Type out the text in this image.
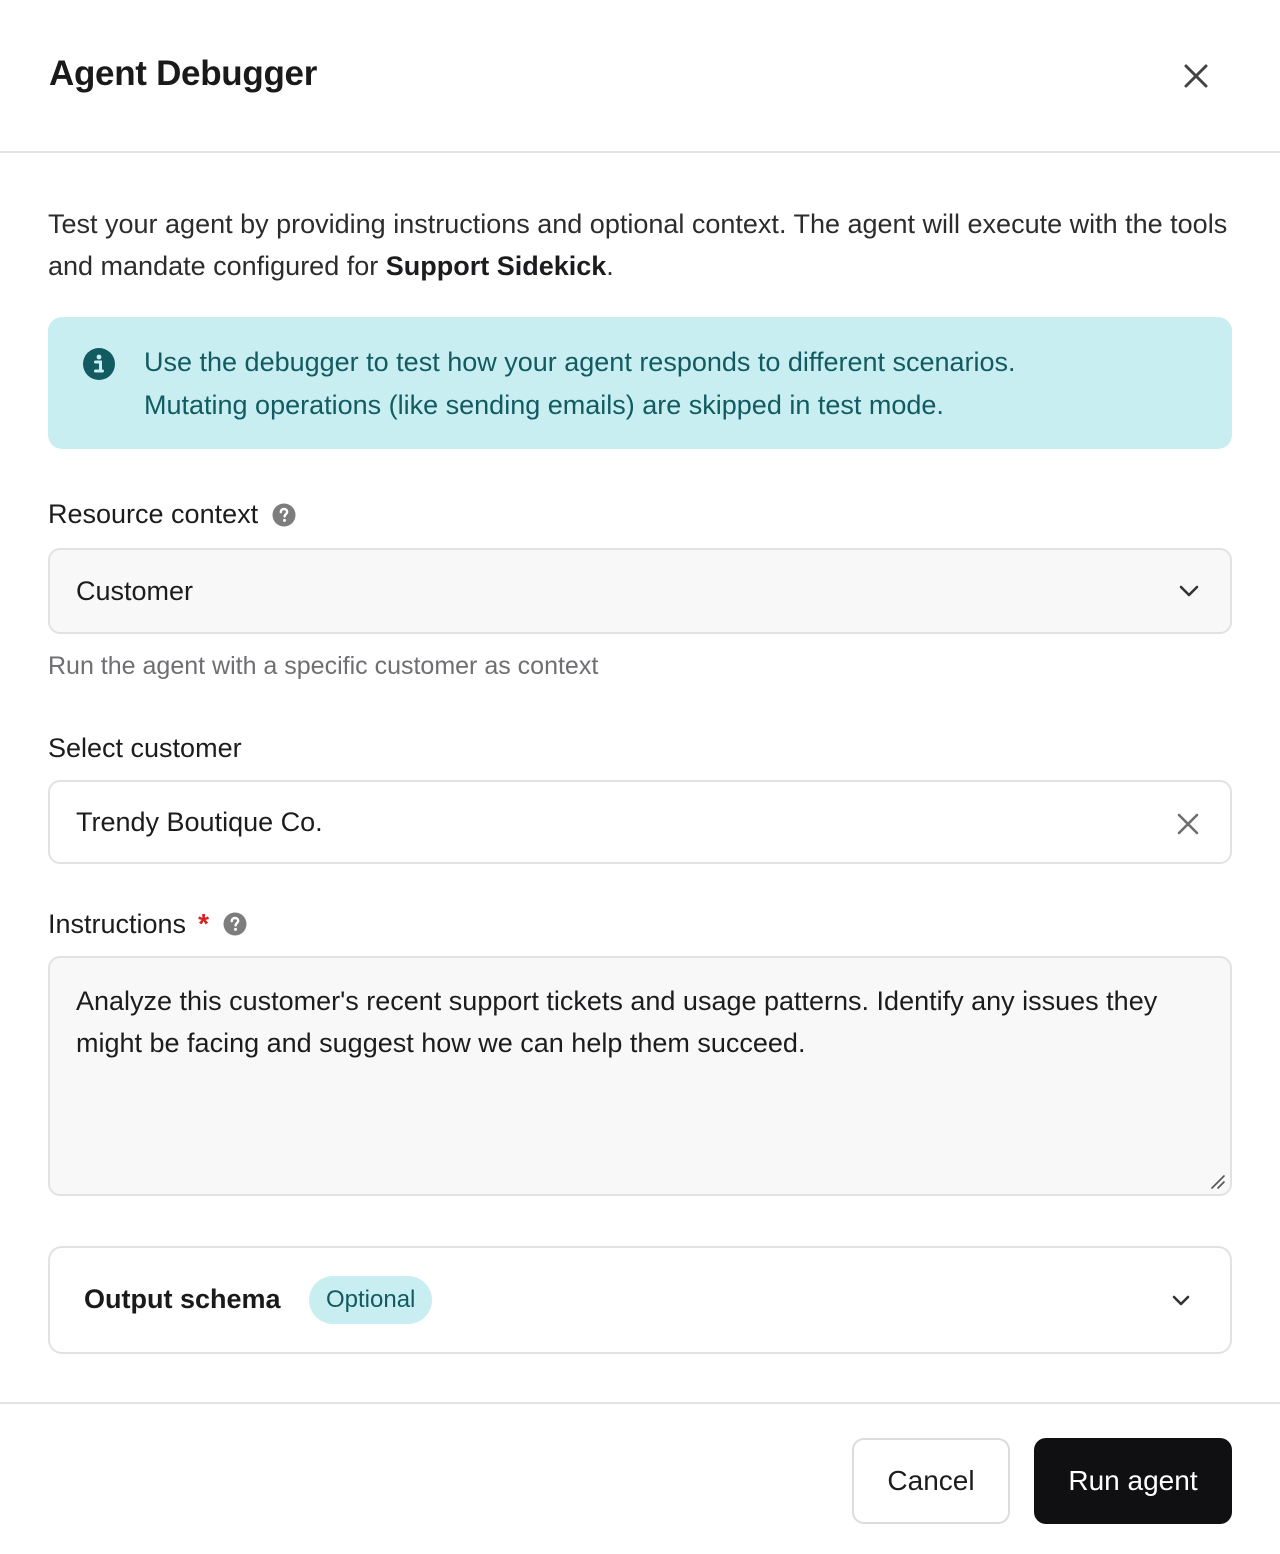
Agent Debugger

Test your agent by providing instructions and optional context. The agent will execute with the tools and mandate configured for Support Sidekick.

Use the debugger to test how your agent responds to different scenarios.
Mutating operations (like sending emails) are skipped in test mode.
Resource context
Customer
Run the agent with a specific customer as context
Select customer
Trendy Boutique Co.
Instructions *
Analyze this customer's recent support tickets and usage patterns. Identify any issues they might be facing and suggest how we can help them succeed.
Output schema	Optional
Cancel	Run agent
